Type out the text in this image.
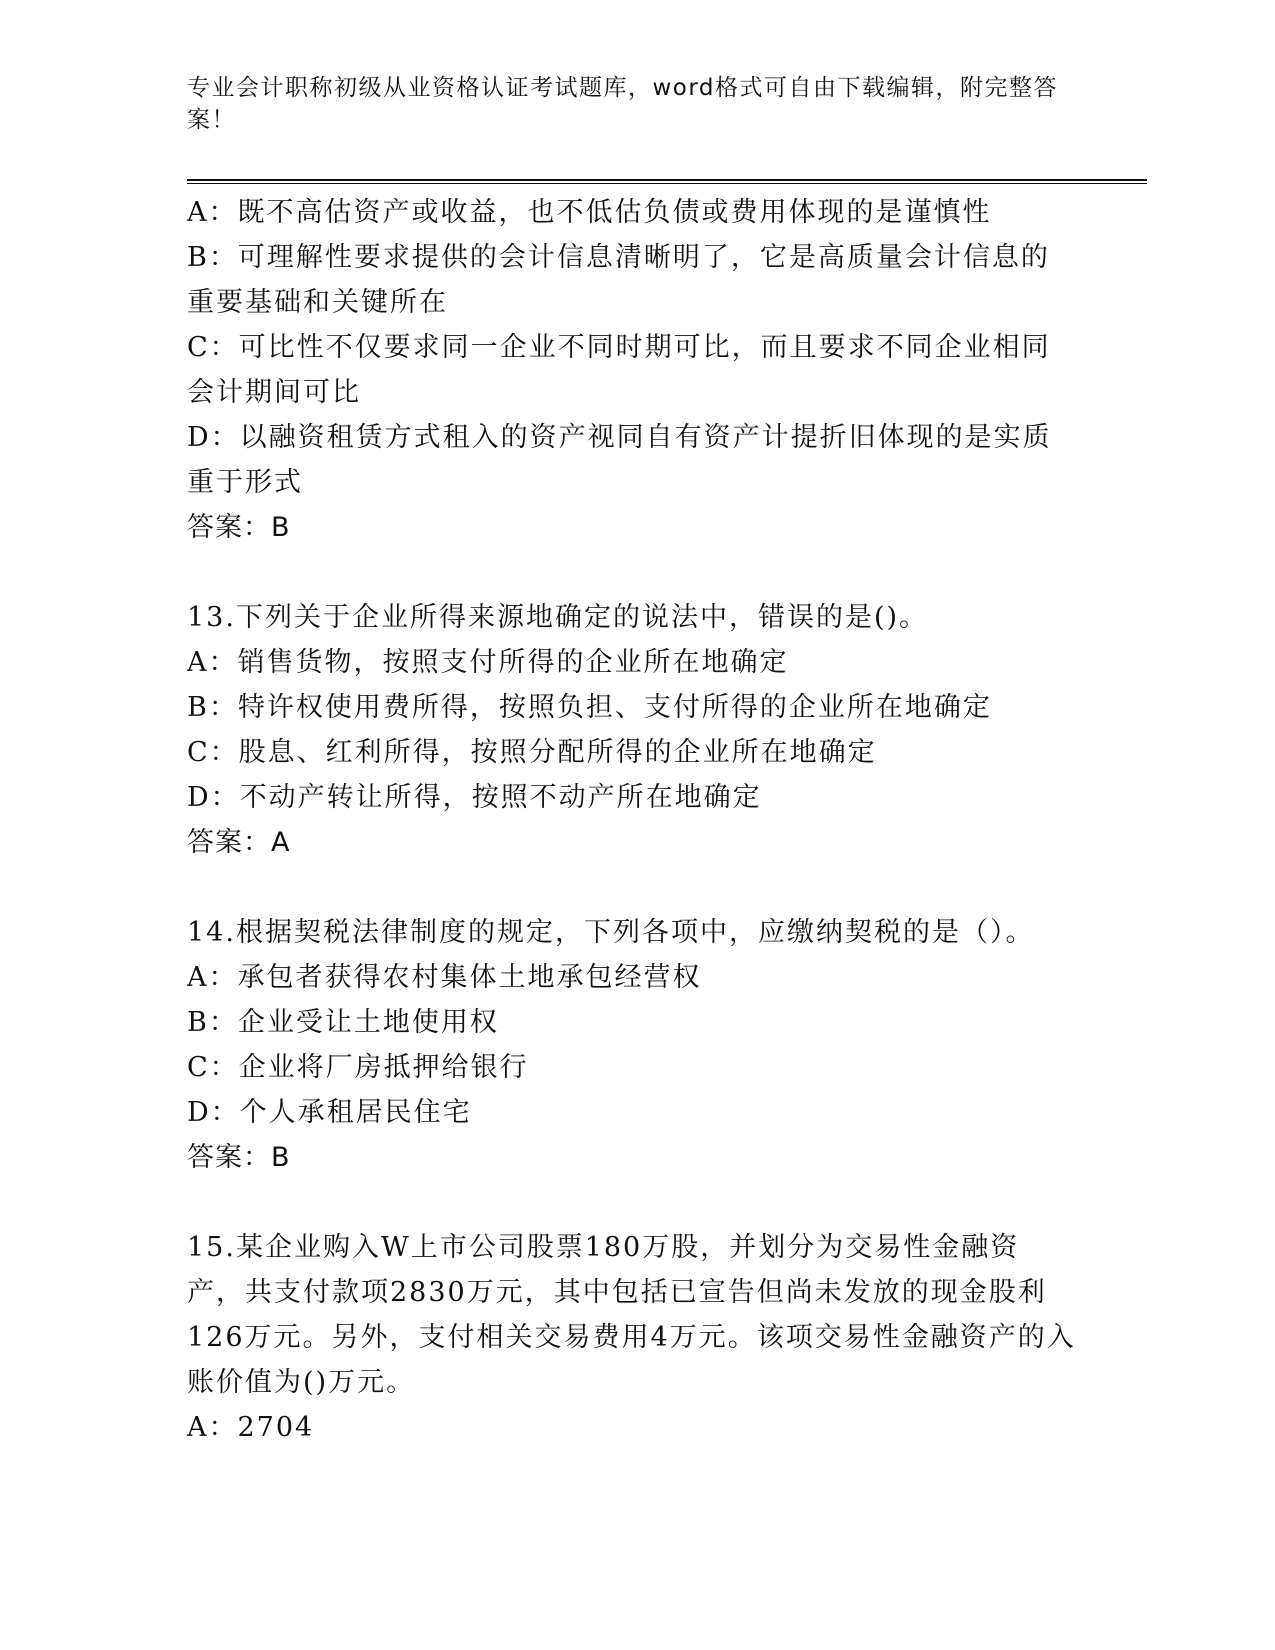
专业会计职称初级从业资格认证考试题库，word格式可自由下载编辑，附完整答案！
A：既不高估资产或收益，也不低估负债或费用体现的是谨慎性
B：可理解性要求提供的会计信息清晰明了，它是高质量会计信息的重要基础和关键所在
C：可比性不仅要求同一企业不同时期可比，而且要求不同企业相同会计期间可比
D：以融资租赁方式租入的资产视同自有资产计提折旧体现的是实质重于形式
答案：B
13.下列关于企业所得来源地确定的说法中，错误的是()。
A：销售货物，按照支付所得的企业所在地确定
B：特许权使用费所得，按照负担、支付所得的企业所在地确定
C：股息、红利所得，按照分配所得的企业所在地确定
D：不动产转让所得，按照不动产所在地确定
答案：A
14.根据契税法律制度的规定，下列各项中，应缴纳契税的是（）。
A：承包者获得农村集体土地承包经营权
B：企业受让土地使用权
C：企业将厂房抵押给银行
D：个人承租居民住宅
答案：B
15.某企业购入W上市公司股票180万股，并划分为交易性金融资产，共支付款项2830万元，其中包括已宣告但尚未发放的现金股利126万元。另外，支付相关交易费用4万元。该项交易性金融资产的入账价值为()万元。
A：2704
